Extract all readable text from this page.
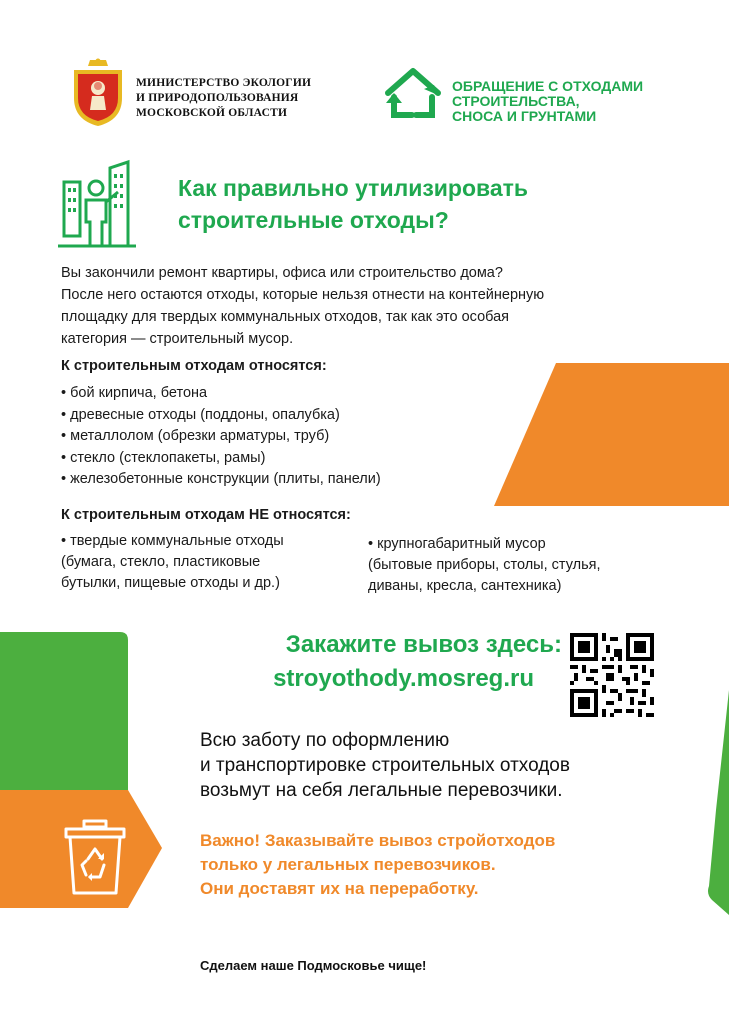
МИНИСТЕРСТВО ЭКОЛОГИИ
И ПРИРОДОПОЛЬЗОВАНИЯ
МОСКОВСКОЙ ОБЛАСТИ
ОБРАЩЕНИЕ С ОТХОДАМИ
СТРОИТЕЛЬСТВА,
СНОСА И ГРУНТАМИ
Как правильно утилизировать
строительные отходы?
Вы закончили ремонт квартиры, офиса или строительство дома?
После него остаются отходы, которые нельзя отнести на контейнерную
площадку для твердых коммунальных отходов, так как это особая
категория — строительный мусор.
К строительным отходам относятся:
• бой кирпича, бетона
• древесные отходы (поддоны, опалубка)
• металлолом (обрезки арматуры, труб)
• стекло (стеклопакеты, рамы)
• железобетонные конструкции (плиты, панели)
К строительным отходам НЕ относятся:
• твердые коммунальные отходы
(бумага, стекло, пластиковые
бутылки, пищевые отходы и др.)
• крупногабаритный мусор
(бытовые приборы, столы, стулья,
диваны, кресла, сантехника)
Закажите вывоз здесь:
stroyothody.mosreg.ru
Всю заботу по оформлению
и транспортировке строительных отходов
возьмут на себя легальные перевозчики.
Важно! Заказывайте вывоз стройотходов
только у легальных перевозчиков.
Они доставят их на переработку.
Сделаем наше Подмосковье чище!
